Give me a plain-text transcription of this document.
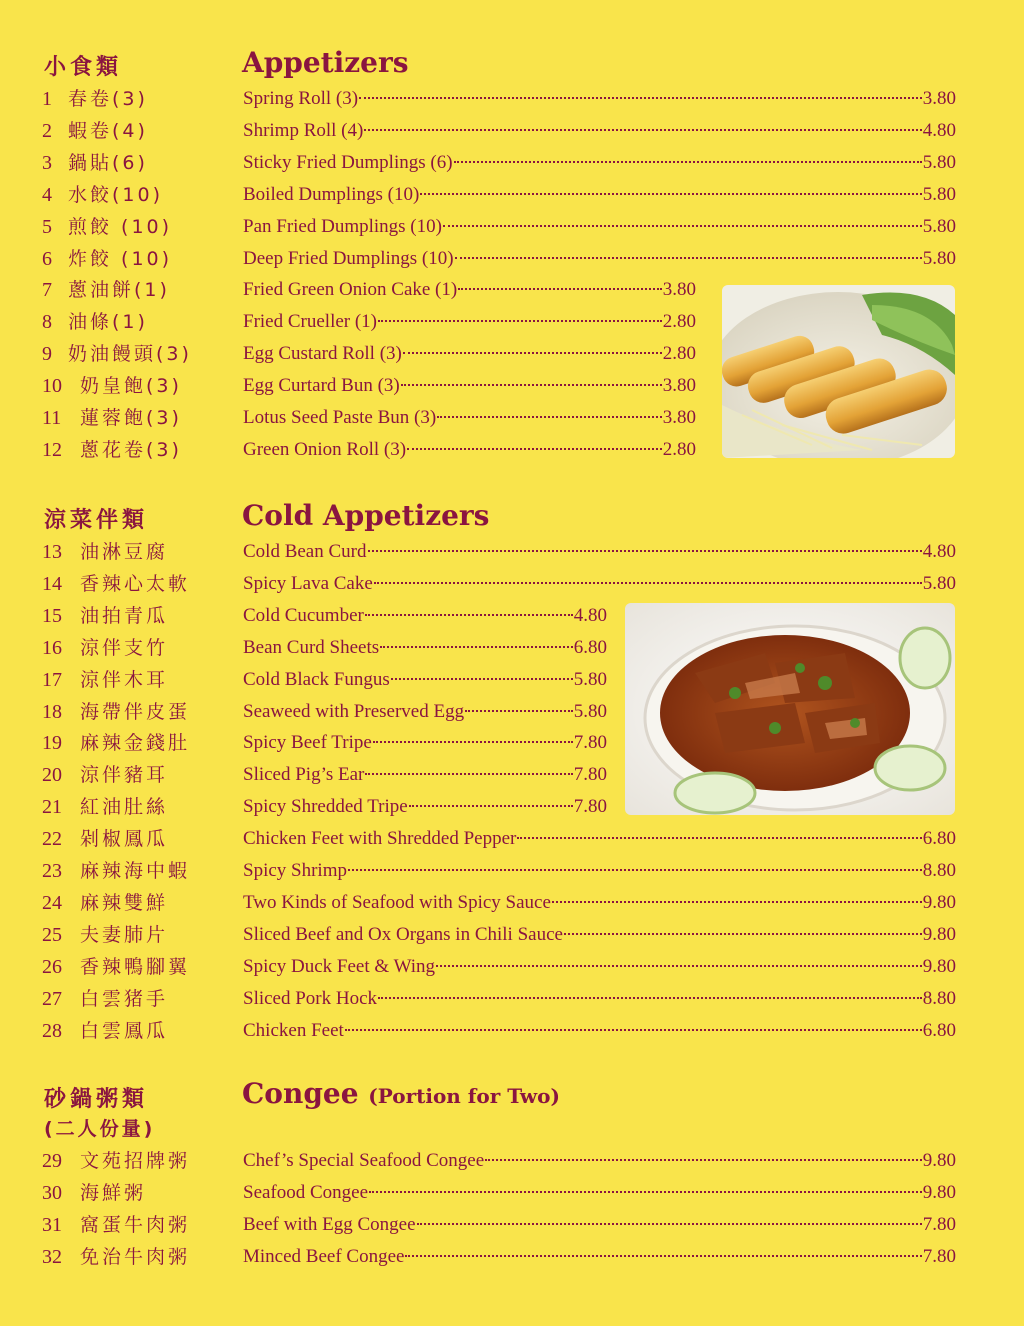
小食類	Appetizers
涼菜伴類	Cold Appetizers
砂鍋粥類
(二人份量)
Congee (Portion for Two)
1 春卷(3)	Spring Roll (3)	3.80
2 蝦卷(4)	Shrimp Roll (4)	4.80
3 鍋貼(6)	Sticky Fried Dumplings (6)	5.80
4 水餃(10)	Boiled Dumplings (10)	5.80
5 煎餃 (10)	Pan Fried Dumplings (10)	5.80
6 炸餃 (10)	Deep Fried Dumplings (10)	5.80
7 蔥油餅(1)	Fried Green Onion Cake (1)	3.80
8 油條(1)	Fried Crueller (1)	2.80
9 奶油饅頭(3)	Egg Custard Roll (3)	2.80
10 奶皇飽(3)	Egg Curtard Bun (3)	3.80
11 蓮蓉飽(3)	Lotus Seed Paste Bun (3)	3.80
12 蔥花卷(3)	Green Onion Roll (3)	2.80
13 油淋豆腐	Cold Bean Curd	4.80
14 香辣心太軟	Spicy Lava Cake	5.80
15 油拍青瓜	Cold Cucumber	4.80
16 涼伴支竹	Bean Curd Sheets	6.80
17 涼伴木耳	Cold Black Fungus	5.80
18 海帶伴皮蛋	Seaweed with Preserved Egg	5.80
19 麻辣金錢肚	Spicy Beef Tripe	7.80
20 涼伴豬耳	Sliced Pig’s Ear	7.80
21 紅油肚絲	Spicy Shredded Tripe	7.80
22 剁椒鳳瓜	Chicken Feet with Shredded Pepper	6.80
23 麻辣海中蝦	Spicy Shrimp	8.80
24 麻辣雙鮮	Two Kinds of Seafood with Spicy Sauce	9.80
25 夫妻肺片	Sliced Beef and Ox Organs in Chili Sauce	9.80
26 香辣鴨腳翼	Spicy Duck Feet & Wing	9.80
27 白雲猪手	Sliced Pork Hock	8.80
28 白雲鳳瓜	Chicken Feet	6.80
29 文苑招牌粥	Chef’s Special Seafood Congee	9.80
30 海鮮粥	Seafood Congee	9.80
31 窩蛋牛肉粥	Beef with Egg Congee	7.80
32 免治牛肉粥	Minced Beef Congee	7.80
